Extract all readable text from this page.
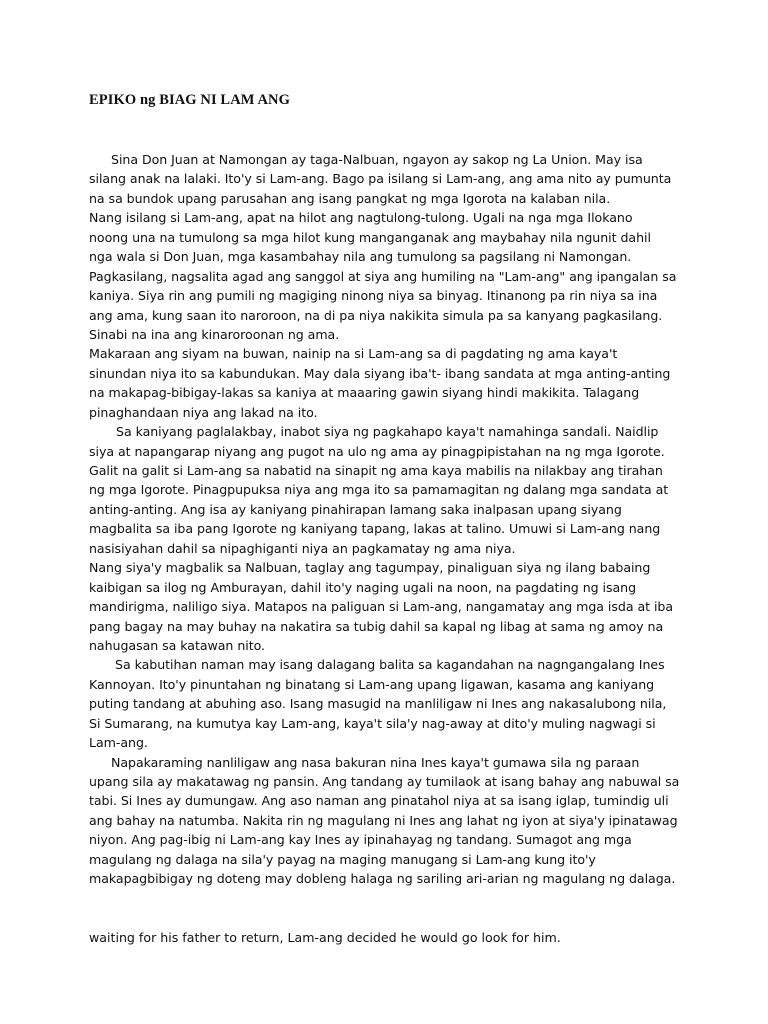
EPIKO ng BIAG NI LAM ANG
Sina Don Juan at Namongan ay taga-Nalbuan, ngayon ay sakop ng La Union. May isa
silang anak na lalaki. Ito'y si Lam-ang. Bago pa isilang si Lam-ang, ang ama nito ay pumunta
na sa bundok upang parusahan ang isang pangkat ng mga Igorota na kalaban nila.
Nang isilang si Lam-ang, apat na hilot ang nagtulong-tulong. Ugali na nga mga Ilokano
noong una na tumulong sa mga hilot kung manganganak ang maybahay nila ngunit dahil
nga wala si Don Juan, mga kasambahay nila ang tumulong sa pagsilang ni Namongan.
Pagkasilang, nagsalita agad ang sanggol at siya ang humiling na "Lam-ang" ang ipangalan sa
kaniya. Siya rin ang pumili ng magiging ninong niya sa binyag. Itinanong pa rin niya sa ina
ang ama, kung saan ito naroroon, na di pa niya nakikita simula pa sa kanyang pagkasilang.
Sinabi na ina ang kinaroroonan ng ama.
Makaraan ang siyam na buwan, nainip na si Lam-ang sa di pagdating ng ama kaya't
sinundan niya ito sa kabundukan. May dala siyang iba't- ibang sandata at mga anting-anting
na makapag-bibigay-lakas sa kaniya at maaaring gawin siyang hindi makikita. Talagang
pinaghandaan niya ang lakad na ito.
Sa kaniyang paglalakbay, inabot siya ng pagkahapo kaya't namahinga sandali. Naidlip
siya at napangarap niyang ang pugot na ulo ng ama ay pinagpipistahan na ng mga Igorote.
Galit na galit si Lam-ang sa nabatid na sinapit ng ama kaya mabilis na nilakbay ang tirahan
ng mga Igorote. Pinagpupuksa niya ang mga ito sa pamamagitan ng dalang mga sandata at
anting-anting. Ang isa ay kaniyang pinahirapan lamang saka inalpasan upang siyang
magbalita sa iba pang Igorote ng kaniyang tapang, lakas at talino. Umuwi si Lam-ang nang
nasisiyahan dahil sa nipaghiganti niya an pagkamatay ng ama niya.
Nang siya'y magbalik sa Nalbuan, taglay ang tagumpay, pinaliguan siya ng ilang babaing
kaibigan sa ilog ng Amburayan, dahil ito'y naging ugali na noon, na pagdating ng isang
mandirigma, naliligo siya. Matapos na paliguan si Lam-ang, nangamatay ang mga isda at iba
pang bagay na may buhay na nakatira sa tubig dahil sa kapal ng libag at sama ng amoy na
nahugasan sa katawan nito.
Sa kabutihan naman may isang dalagang balita sa kagandahan na nagngangalang Ines
Kannoyan. Ito'y pinuntahan ng binatang si Lam-ang upang ligawan, kasama ang kaniyang
puting tandang at abuhing aso. Isang masugid na manliligaw ni Ines ang nakasalubong nila,
Si Sumarang, na kumutya kay Lam-ang, kaya't sila'y nag-away at dito'y muling nagwagi si
Lam-ang.
Napakaraming nanliligaw ang nasa bakuran nina Ines kaya't gumawa sila ng paraan
upang sila ay makatawag ng pansin. Ang tandang ay tumilaok at isang bahay ang nabuwal sa
tabi. Si Ines ay dumungaw. Ang aso naman ang pinatahol niya at sa isang iglap, tumindig uli
ang bahay na natumba. Nakita rin ng magulang ni Ines ang lahat ng iyon at siya'y ipinatawag
niyon. Ang pag-ibig ni Lam-ang kay Ines ay ipinahayag ng tandang. Sumagot ang mga
magulang ng dalaga na sila'y payag na maging manugang si Lam-ang kung ito'y
makapagbibigay ng doteng may dobleng halaga ng sariling ari-arian ng magulang ng dalaga.
waiting for his father to return, Lam-ang decided he would go look for him.
